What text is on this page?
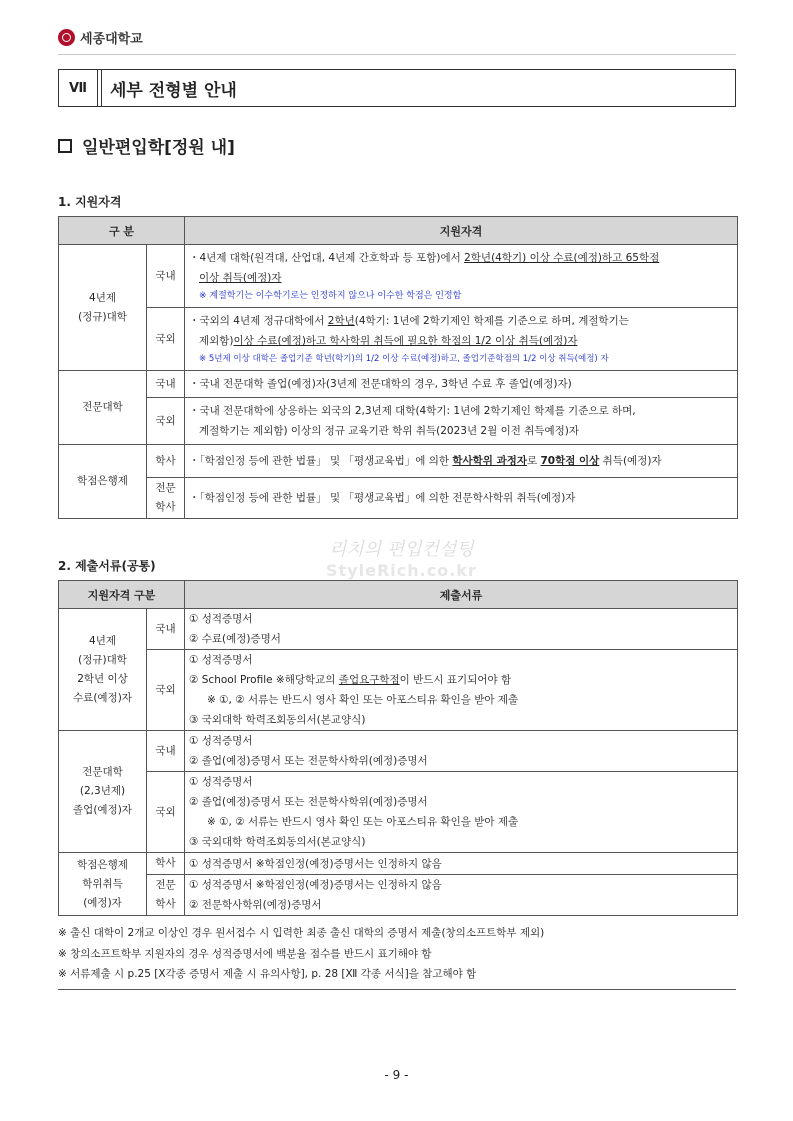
세종대학교
Ⅶ	세부 전형별 안내
일반편입학[정원 내]
1. 지원자격
구 분		지원자격
4년제
(정규)대학	국내	・4년제 대학(원격대, 산업대, 4년제 간호학과 등 포함)에서 2학년(4학기) 이상 수료(예정)하고 65학점
이상 취득(예정)자
※ 계절학기는 이수학기로는 인정하지 않으나 이수한 학점은 인정함

	국외	・국외의 4년제 정규대학에서 2학년(4학기: 1년에 2학기제인 학제를 기준으로 하며, 계절학기는
제외함)이상 수료(예정)하고 학사학위 취득에 필요한 학점의 1/2 이상 취득(예정)자
※ 5년제 이상 대학은 졸업기준 학년(학기)의 1/2 이상 수료(예정)하고, 졸업기준학점의 1/2 이상 취득(예정) 자

전문대학	국내	・국내 전문대학 졸업(예정)자(3년제 전문대학의 경우, 3학년 수료 후 졸업(예정)자)
	국외	・국내 전문대학에 상응하는 외국의 2,3년제 대학(4학기: 1년에 2학기제인 학제를 기준으로 하며,
계절학기는 제외함) 이상의 정규 교육기관 학위 취득(2023년 2월 이전 취득예정)자

학점은행제	학사	・「학점인정 등에 관한 법률」 및 「평생교육법」에 의한 학사학위 과정자로 70학점 이상 취득(예정)자
	전문
학사	・「학점인정 등에 관한 법률」 및 「평생교육법」에 의한 전문학사학위 취득(예정)자
리치의 편입컨설팅
StyleRich.co.kr
2. 제출서류(공통)
지원자격 구분		제출서류
4년제
(정규)대학
2학년 이상
수료(예정)자	국내	① 성적증명서
② 수료(예정)증명서

	국외	① 성적증명서
② School Profile ※해당학교의 졸업요구학점이 반드시 표기되어야 함
※ ①, ② 서류는 반드시 영사 확인 또는 아포스티유 확인을 받아 제출
③ 국외대학 학력조회동의서(본교양식)

전문대학
(2,3년제)
졸업(예정)자	국내	① 성적증명서
② 졸업(예정)증명서 또는 전문학사학위(예정)증명서

	국외	① 성적증명서
② 졸업(예정)증명서 또는 전문학사학위(예정)증명서
※ ①, ② 서류는 반드시 영사 확인 또는 아포스티유 확인을 받아 제출
③ 국외대학 학력조회동의서(본교양식)

학점은행제
학위취득
(예정)자	학사	① 성적증명서 ※학점인정(예정)증명서는 인정하지 않음
	전문
학사	① 성적증명서 ※학점인정(예정)증명서는 인정하지 않음
② 전문학사학위(예정)증명서
※ 출신 대학이 2개교 이상인 경우 원서접수 시 입력한 최종 출신 대학의 증명서 제출(창의소프트학부 제외)
※ 창의소프트학부 지원자의 경우 성적증명서에 백분율 점수를 반드시 표기해야 함
※ 서류제출 시 p.25 [Ⅹ각종 증명서 제출 시 유의사항], p. 28 [Ⅻ 각종 서식]을 참고해야 함
- 9 -
